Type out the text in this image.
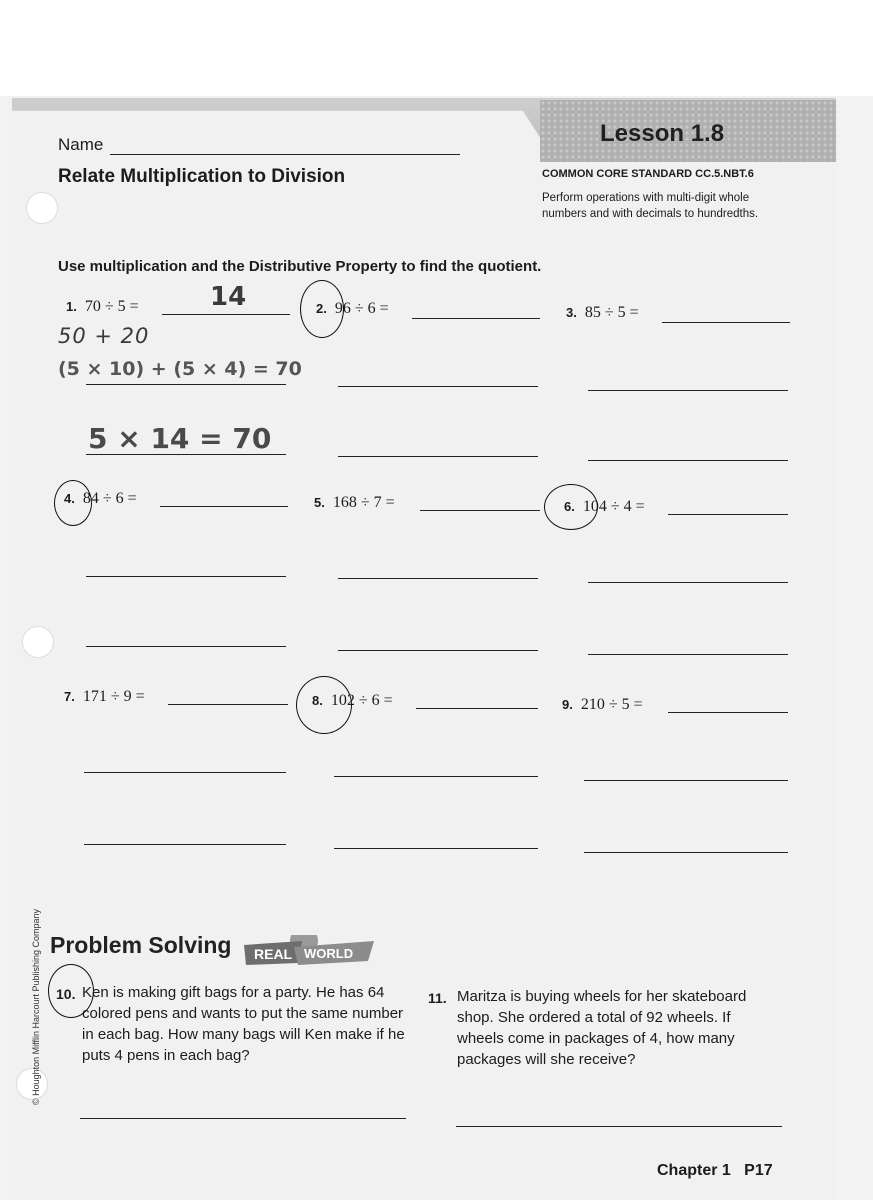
Lesson 1.8
Name
Relate Multiplication to Division	COMMON CORE STANDARD CC.5.NBT.6
Perform operations with multi-digit whole numbers and with decimals to hundredths.
Use multiplication and the Distributive Property to find the quotient.
1. 70 ÷ 5 =	2. 96 ÷ 6 =	3. 85 ÷ 5 =
14
50 + 20
(5 × 10) + (5 × 4) = 70
5 × 14 = 70
4. 84 ÷ 6 =	5. 168 ÷ 7 =	6. 104 ÷ 4 =
7. 171 ÷ 9 =	8. 102 ÷ 6 =	9. 210 ÷ 5 =
Problem Solving REAL WORLD
10. Ken is making gift bags for a party. He has 64 colored pens and wants to put the same number in each bag. How many bags will Ken make if he puts 4 pens in each bag?
11. Maritza is buying wheels for her skateboard shop. She ordered a total of 92 wheels. If wheels come in packages of 4, how many packages will she receive?
Chapter 1 P17
© Houghton Mifflin Harcourt Publishing Company
